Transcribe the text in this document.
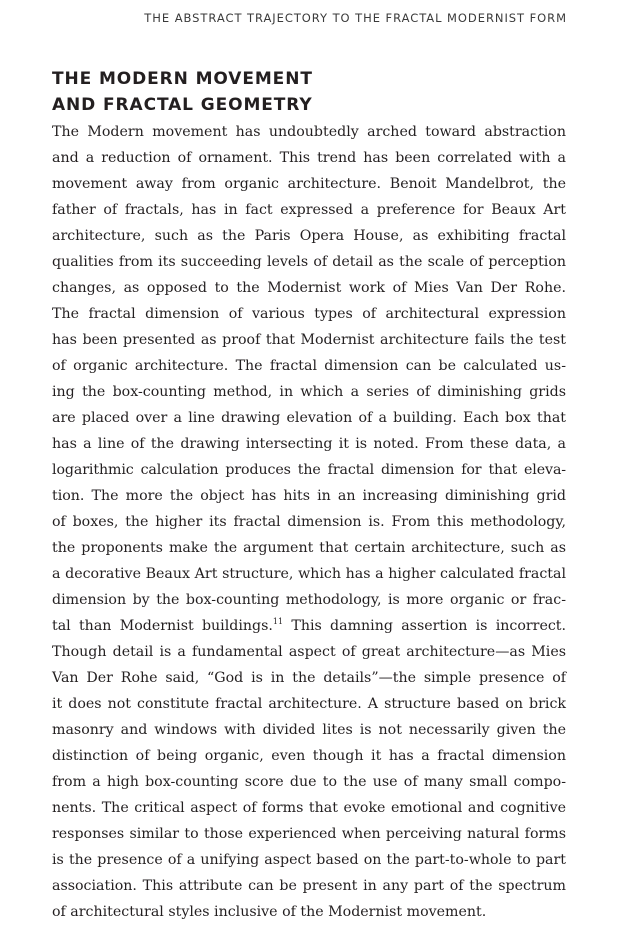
THE ABSTRACT TRAJECTORY TO THE FRACTAL MODERNIST FORM
THE MODERN MOVEMENT
AND FRACTAL GEOMETRY
The Modern movement has undoubtedly arched toward abstraction
and a reduction of ornament. This trend has been correlated with a
movement away from organic architecture. Benoit Mandelbrot, the
father of fractals, has in fact expressed a preference for Beaux Art
architecture, such as the Paris Opera House, as exhibiting fractal
qualities from its succeeding levels of detail as the scale of perception
changes, as opposed to the Modernist work of Mies Van Der Rohe.
The fractal dimension of various types of architectural expression
has been presented as proof that Modernist architecture fails the test
of organic architecture. The fractal dimension can be calculated us-
ing the box-counting method, in which a series of diminishing grids
are placed over a line drawing elevation of a building. Each box that
has a line of the drawing intersecting it is noted. From these data, a
logarithmic calculation produces the fractal dimension for that eleva-
tion. The more the object has hits in an increasing diminishing grid
of boxes, the higher its fractal dimension is. From this methodology,
the proponents make the argument that certain architecture, such as
a decorative Beaux Art structure, which has a higher calculated fractal
dimension by the box-counting methodology, is more organic or frac-
tal than Modernist buildings.$^{11}$ This damning assertion is incorrect.
Though detail is a fundamental aspect of great architecture—as Mies
Van Der Rohe said, “God is in the details”—the simple presence of
it does not constitute fractal architecture. A structure based on brick
masonry and windows with divided lites is not necessarily given the
distinction of being organic, even though it has a fractal dimension
from a high box-counting score due to the use of many small compo-
nents. The critical aspect of forms that evoke emotional and cognitive
responses similar to those experienced when perceiving natural forms
is the presence of a unifying aspect based on the part-to-whole to part
association. This attribute can be present in any part of the spectrum
of architectural styles inclusive of the Modernist movement.
